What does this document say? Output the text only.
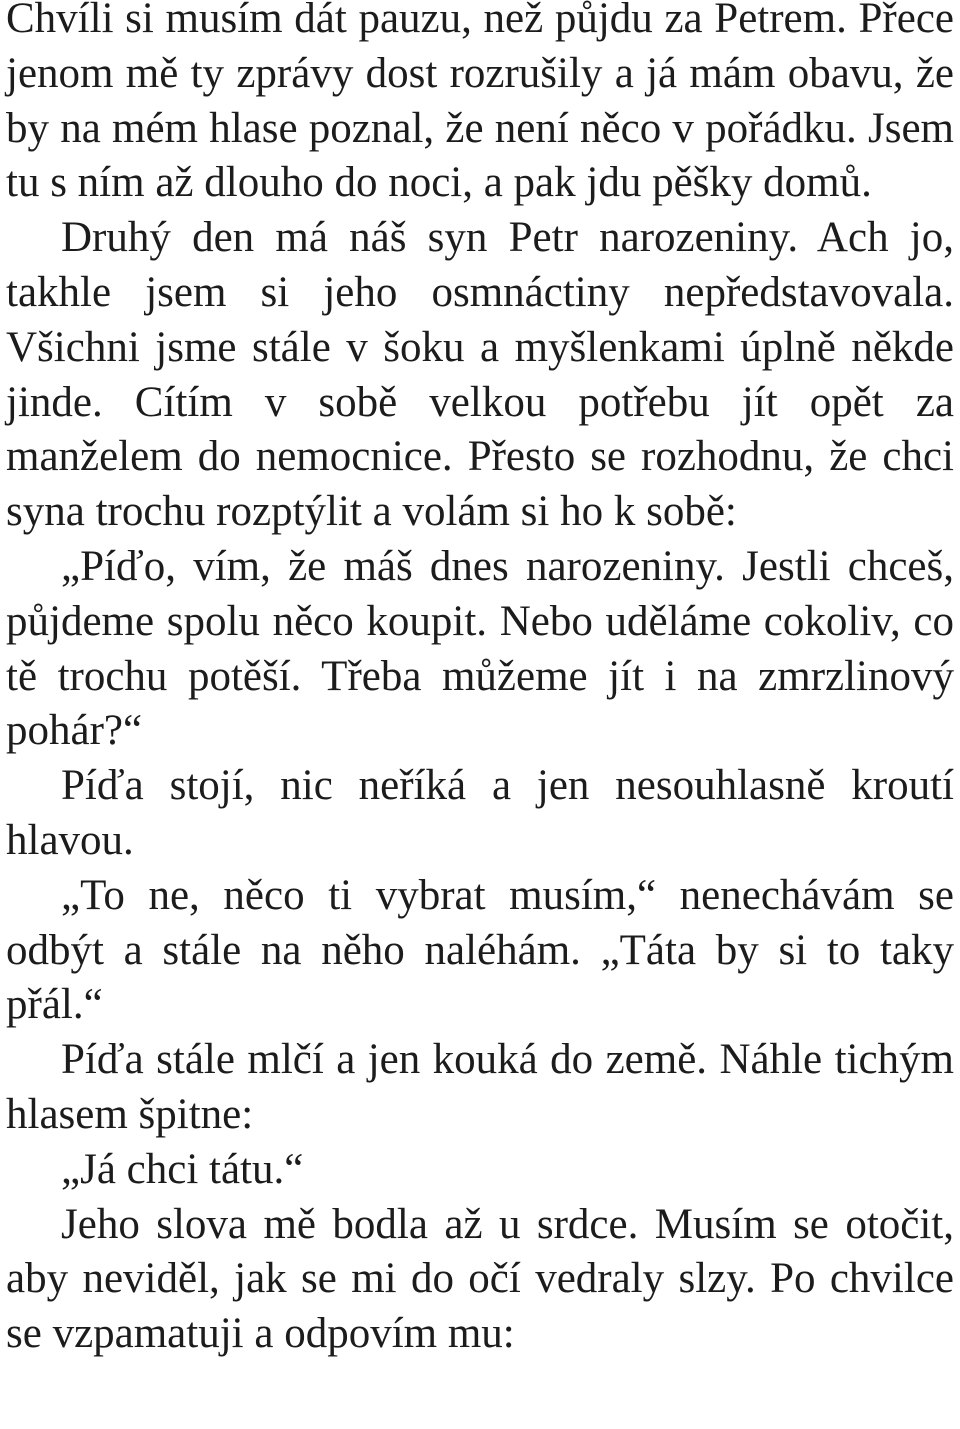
Chvíli si musím dát pauzu, než půjdu za Petrem. Přece jenom mě ty zprávy dost rozrušily a já mám obavu, že by na mém hlase poznal, že není něco v pořádku. Jsem tu s ním až dlouho do noci, a pak jdu pěšky domů.

Druhý den má náš syn Petr narozeniny. Ach jo, takhle jsem si jeho osmnáctiny nepředstavovala. Všichni jsme stále v šoku a myšlenkami úplně někde jinde. Cítím v sobě velkou potřebu jít opět za manželem do nemocnice. Přesto se rozhodnu, že chci syna trochu rozptýlit a volám si ho k sobě:

„Píďo, vím, že máš dnes narozeniny. Jestli chceš, půjdeme spolu něco koupit. Nebo uděláme cokoliv, co tě trochu potěší. Třeba můžeme jít i na zmrzlinový pohár?“

Píďa stojí, nic neříká a jen nesouhlasně kroutí hlavou.

„To ne, něco ti vybrat musím,“ nenechávám se odbýt a stále na něho naléhám. „Táta by si to taky přál.“

Píďa stále mlčí a jen kouká do země. Náhle tichým hlasem špitne:

„Já chci tátu.“

Jeho slova mě bodla až u srdce. Musím se otočit, aby neviděl, jak se mi do očí vedraly slzy. Po chvilce se vzpamatuji a odpovím mu:
